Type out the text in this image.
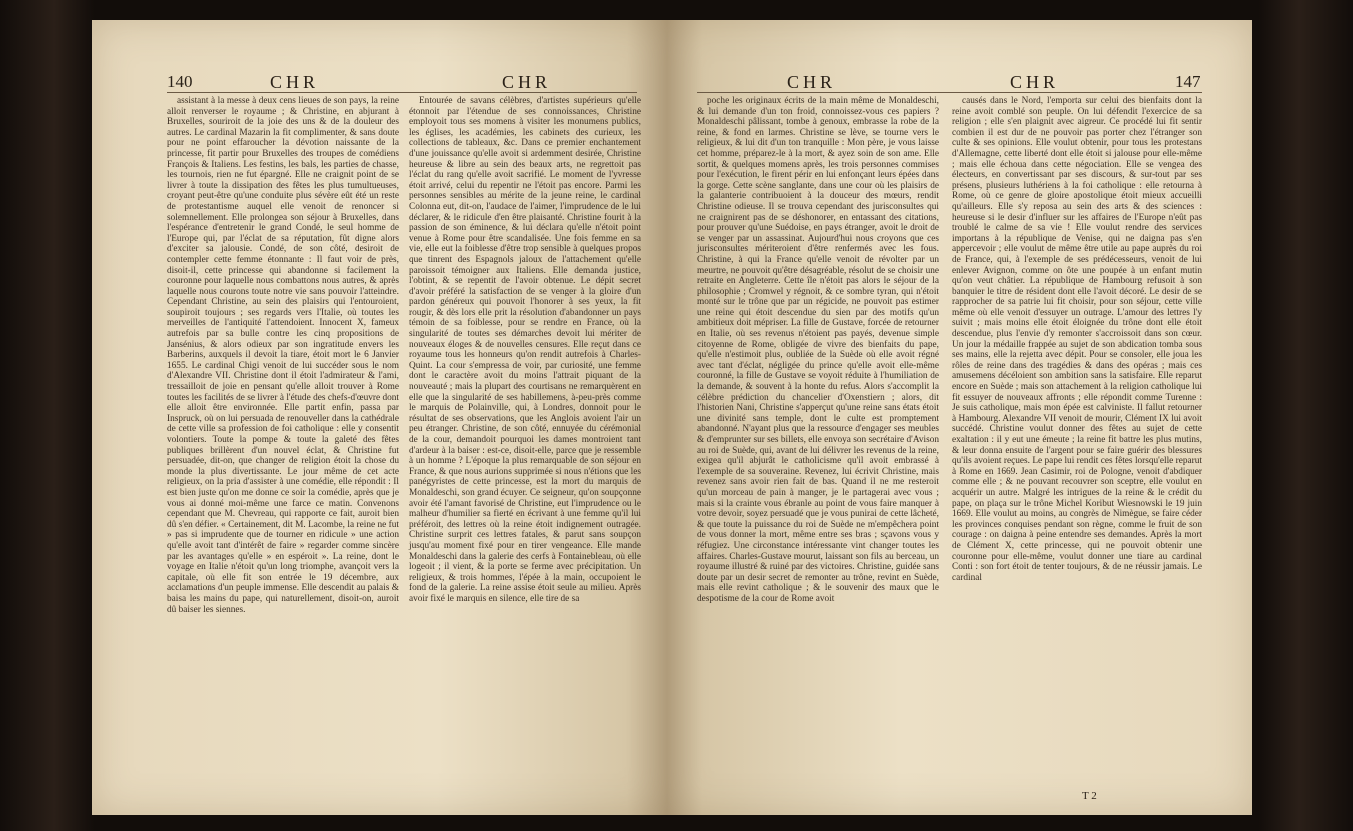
140	CHR	CHR

assistant à la messe à deux cens lieues de son pays, la reine alloit renverser le royaume ; & Christine, en abjurant à Bruxelles, souriroit de la joie des uns & de la douleur des autres. Le cardinal Mazarin la fit complimenter, & sans doute pour ne point effaroucher la dévotion naissante de la princesse, fit partir pour Bruxelles des troupes de comédiens François & Italiens. Les festins, les bals, les parties de chasse, les tournois, rien ne fut épargné. Elle ne craignit point de se livrer à toute la dissipation des fêtes les plus tumultueuses, croyant peut-être qu'une conduite plus sévère eût été un reste de protestantisme auquel elle venoit de renoncer si solemnellement. Elle prolongea son séjour à Bruxelles, dans l'espérance d'entretenir le grand Condé, le seul homme de l'Europe qui, par l'éclat de sa réputation, fût digne alors d'exciter sa jalousie. Condé, de son côté, desiroit de contempler cette femme étonnante : Il faut voir de près, disoit-il, cette princesse qui abandonne si facilement la couronne pour laquelle nous combattons nous autres, & après laquelle nous courons toute notre vie sans pouvoir l'atteindre. Cependant Christine, au sein des plaisirs qui l'entouroient, soupiroit toujours ; ses regards vers l'Italie, où toutes les merveilles de l'antiquité l'attendoient. Innocent X, fameux autrefois par sa bulle contre les cinq propositions de Jansénius, & alors odieux par son ingratitude envers les Barberins, auxquels il devoit la tiare, étoit mort le 6 Janvier 1655. Le cardinal Chigi venoit de lui succéder sous le nom d'Alexandre VII. Christine dont il étoit l'admirateur & l'ami, tressailloit de joie en pensant qu'elle alloit trouver à Rome toutes les facilités de se livrer à l'étude des chefs-d'œuvre dont elle alloit être environnée. Elle partit enfin, passa par Inspruck, où on lui persuada de renouveller dans la cathédrale de cette ville sa profession de foi catholique : elle y consentit volontiers. Toute la pompe & toute la galeté des fêtes publiques brillèrent d'un nouvel éclat, & Christine fut persuadée, dit-on, que changer de religion étoit la chose du monde la plus divertissante. Le jour même de cet acte religieux, on la pria d'assister à une comédie, elle répondit : Il est bien juste qu'on me donne ce soir la comédie, après que je vous ai donné moi-même une farce ce matin. Convenons cependant que M. Chevreau, qui rapporte ce fait, auroit bien dû s'en défier. « Certainement, dit M. Lacombe, la reine ne fut » pas si imprudente que de tourner en ridicule » une action qu'elle avoit tant d'intérêt de faire » regarder comme sincère par les avantages qu'elle » en espéroit ». La reine, dont le voyage en Italie n'étoit qu'un long triomphe, avançoit vers la capitale, où elle fit son entrée le 19 décembre, aux acclamations d'un peuple immense. Elle descendit au palais & baisa les mains du pape, qui naturellement, disoit-on, auroit dû baiser les siennes.

Entourée de savans célèbres, d'artistes supérieurs qu'elle étonnoit par l'étendue de ses connoissances, Christine employoit tous ses momens à visiter les monumens publics, les églises, les académies, les cabinets des curieux, les collections de tableaux, &c. Dans ce premier enchantement d'une jouissance qu'elle avoit si ardemment desirée, Christine heureuse & libre au sein des beaux arts, ne regrettoit pas l'éclat du rang qu'elle avoit sacrifié. Le moment de l'yvresse étoit arrivé, celui du repentir ne l'étoit pas encore. Parmi les personnes sensibles au mérite de la jeune reine, le cardinal Colonna eut, dit-on, l'audace de l'aimer, l'imprudence de le lui déclarer, & le ridicule d'en être plaisanté. Christine fourit à la passion de son éminence, & lui déclara qu'elle n'étoit point venue à Rome pour être scandalisée. Une fois femme en sa vie, elle eut la foiblesse d'être trop sensible à quelques propos que tinrent des Espagnols jaloux de l'attachement qu'elle paroissoit témoigner aux Italiens. Elle demanda justice, l'obtint, & se repentit de l'avoir obtenue. Le dépit secret d'avoir préféré la satisfaction de se venger à la gloire d'un pardon généreux qui pouvoit l'honorer à ses yeux, la fit rougir, & dès lors elle prit la résolution d'abandonner un pays témoin de sa foiblesse, pour se rendre en France, où la singularité de toutes ses démarches devoit lui mériter de nouveaux éloges & de nouvelles censures. Elle reçut dans ce royaume tous les honneurs qu'on rendit autrefois à Charles-Quint. La cour s'empressa de voir, par curiosité, une femme dont le caractère avoit du moins l'attrait piquant de la nouveauté ; mais la plupart des courtisans ne remarquèrent en elle que la singularité de ses habillemens, à-peu-près comme le marquis de Polainville, qui, à Londres, donnoit pour le résultat de ses observations, que les Anglois avoient l'air un peu étranger. Christine, de son côté, ennuyée du cérémonial de la cour, demandoit pourquoi les dames montroient tant d'ardeur à la baiser : est-ce, disoit-elle, parce que je ressemble à un homme ? L'époque la plus remarquable de son séjour en France, & que nous aurions supprimée si nous n'étions que les panégyristes de cette princesse, est la mort du marquis de Monaldeschi, son grand écuyer. Ce seigneur, qu'on soupçonne avoir été l'amant favorisé de Christine, eut l'imprudence ou le malheur d'humilier sa fierté en écrivant à une femme qu'il lui préféroit, des lettres où la reine étoit indignement outragée. Christine surprit ces lettres fatales, & parut sans soupçon jusqu'au moment fixé pour en tirer vengeance. Elle mande Monaldeschi dans la galerie des cerfs à Fontainebleau, où elle logeoit ; il vient, & la porte se ferme avec précipitation. Un religieux, & trois hommes, l'épée à la main, occupoient le fond de la galerie. La reine assise étoit seule au milieu. Après avoir fixé le marquis en silence, elle tire de sa

CHR	CHR	147

poche les originaux écrits de la main même de Monaldeschi, & lui demande d'un ton froid, connoissez-vous ces papiers ? Monaldeschi pâlissant, tombe à genoux, embrasse la robe de la reine, & fond en larmes. Christine se lève, se tourne vers le religieux, & lui dit d'un ton tranquille : Mon père, je vous laisse cet homme, préparez-le à la mort, & ayez soin de son ame. Elle sortit, & quelques momens après, les trois personnes commises pour l'exécution, le firent périr en lui enfonçant leurs épées dans la gorge. Cette scène sanglante, dans une cour où les plaisirs de la galanterie contribuoient à la douceur des mœurs, rendit Christine odieuse. Il se trouva cependant des jurisconsultes qui ne craignirent pas de se déshonorer, en entassant des citations, pour prouver qu'une Suédoise, en pays étranger, avoit le droit de se venger par un assassinat. Aujourd'hui nous croyons que ces jurisconsultes mériteroient d'être renfermés avec les fous. Christine, à qui la France qu'elle venoit de révolter par un meurtre, ne pouvoit qu'être désagréable, résolut de se choisir une retraite en Angleterre. Cette île n'étoit pas alors le séjour de la philosophie ; Cromwel y régnoit, & ce sombre tyran, qui n'étoit monté sur le trône que par un régicide, ne pouvoit pas estimer une reine qui étoit descendue du sien par des motifs qu'un ambitieux doit mépriser. La fille de Gustave, forcée de retourner en Italie, où ses revenus n'étoient pas payés, devenue simple citoyenne de Rome, obligée de vivre des bienfaits du pape, qu'elle n'estimoit plus, oubliée de la Suède où elle avoit régné avec tant d'éclat, négligée du prince qu'elle avoit elle-même couronné, la fille de Gustave se voyoit réduite à l'humiliation de la demande, & souvent à la honte du refus. Alors s'accomplit la célèbre prédiction du chancelier d'Oxenstiern ; alors, dit l'historien Nani, Christine s'apperçut qu'une reine sans états étoit une divinité sans temple, dont le culte est promptement abandonné. N'ayant plus que la ressource d'engager ses meubles & d'emprunter sur ses billets, elle envoya son secrétaire d'Avison au roi de Suède, qui, avant de lui délivrer les revenus de la reine, exigea qu'il abjurât le catholicisme qu'il avoit embrassé à l'exemple de sa souveraine. Revenez, lui écrivit Christine, mais revenez sans avoir rien fait de bas. Quand il ne me resteroit qu'un morceau de pain à manger, je le partagerai avec vous ; mais si la crainte vous ébranle au point de vous faire manquer à votre devoir, soyez persuadé que je vous punirai de cette lâcheté, & que toute la puissance du roi de Suède ne m'empêchera point de vous donner la mort, même entre ses bras ; sçavons vous y réfugiez. Une circonstance intéressante vint changer toutes les affaires. Charles-Gustave mourut, laissant son fils au berceau, un royaume illustré & ruiné par des victoires. Christine, guidée sans doute par un desir secret de remonter au trône, revint en Suède, mais elle revint catholique ; & le souvenir des maux que le despotisme de la cour de Rome avoit

causés dans le Nord, l'emporta sur celui des bienfaits dont la reine avoit comblé son peuple. On lui défendit l'exercice de sa religion ; elle s'en plaignit avec aigreur. Ce procédé lui fit sentir combien il est dur de ne pouvoir pas porter chez l'étranger son culte & ses opinions. Elle voulut obtenir, pour tous les protestans d'Allemagne, cette liberté dont elle étoit si jalouse pour elle-même ; mais elle échoua dans cette négociation. Elle se vengea des électeurs, en convertissant par ses discours, & sur-tout par ses présens, plusieurs luthériens à la foi catholique : elle retourna à Rome, où ce genre de gloire apostolique étoit mieux accueilli qu'ailleurs. Elle s'y reposa au sein des arts & des sciences : heureuse si le desir d'influer sur les affaires de l'Europe n'eût pas troublé le calme de sa vie ! Elle voulut rendre des services importans à la république de Venise, qui ne daigna pas s'en appercevoir ; elle voulut de même être utile au pape auprès du roi de France, qui, à l'exemple de ses prédécesseurs, venoit de lui enlever Avignon, comme on ôte une poupée à un enfant mutin qu'on veut châtier. La république de Hambourg refusoit à son banquier le titre de résident dont elle l'avoit décoré. Le desir de se rapprocher de sa patrie lui fit choisir, pour son séjour, cette ville même où elle venoit d'essuyer un outrage. L'amour des lettres l'y suivit ; mais moins elle étoit éloignée du trône dont elle étoit descendue, plus l'envie d'y remonter s'accroissoit dans son cœur. Un jour la médaille frappée au sujet de son abdication tomba sous ses mains, elle la rejetta avec dépit. Pour se consoler, elle joua les rôles de reine dans des tragédies & dans des opéras ; mais ces amusemens décéloient son ambition sans la satisfaire. Elle reparut encore en Suède ; mais son attachement à la religion catholique lui fit essuyer de nouveaux affronts ; elle répondit comme Turenne : Je suis catholique, mais mon épée est calviniste. Il fallut retourner à Hambourg. Alexandre VII venoit de mourir, Clément IX lui avoit succédé. Christine voulut donner des fêtes au sujet de cette exaltation : il y eut une émeute ; la reine fit battre les plus mutins, & leur donna ensuite de l'argent pour se faire guérir des blessures qu'ils avoient reçues. Le pape lui rendit ces fêtes lorsqu'elle reparut à Rome en 1669. Jean Casimir, roi de Pologne, venoit d'abdiquer comme elle ; & ne pouvant recouvrer son sceptre, elle voulut en acquérir un autre. Malgré les intrigues de la reine & le crédit du pape, on plaça sur le trône Michel Koribut Wiesnowski le 19 juin 1669. Elle voulut au moins, au congrès de Nimègue, se faire céder les provinces conquises pendant son règne, comme le fruit de son courage : on daigna à peine entendre ses demandes. Après la mort de Clément X, cette princesse, qui ne pouvoit obtenir une couronne pour elle-même, voulut donner une tiare au cardinal Conti : son fort étoit de tenter toujours, & de ne réussir jamais. Le cardinal

T 2
